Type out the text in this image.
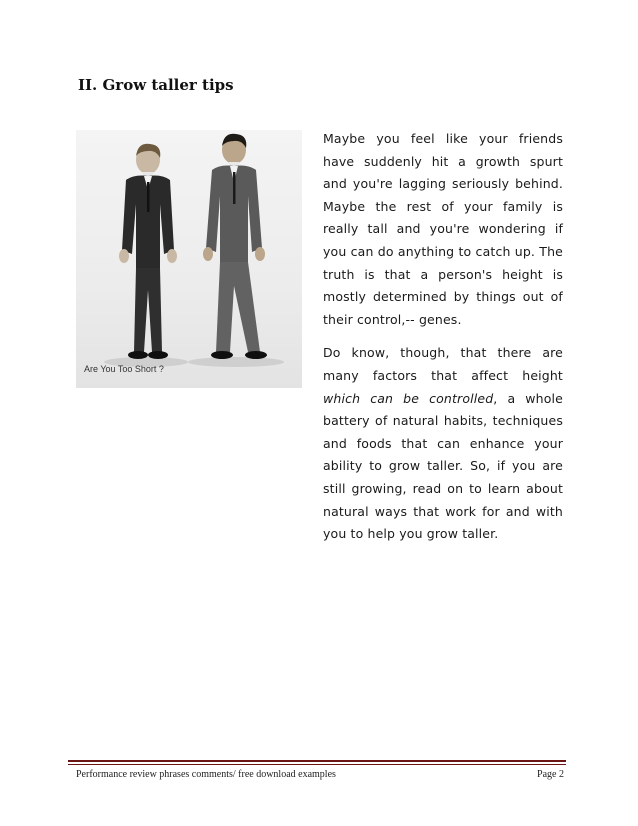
II. Grow taller tips
Are You Too Short ?

Maybe you feel like your friends have suddenly hit a growth spurt and you're lagging seriously behind. Maybe the rest of your family is really tall and you're wondering if you can do anything to catch up. The truth is that a person's height is mostly determined by things out of their control,-- genes.

Do know, though, that there are many factors that affect height which can be controlled, a whole battery of natural habits, techniques and foods that can enhance your ability to grow taller. So, if you are still growing, read on to learn about natural ways that work for and with you to help you grow taller.

Performance review phrases comments/ free download examples	Page 2
